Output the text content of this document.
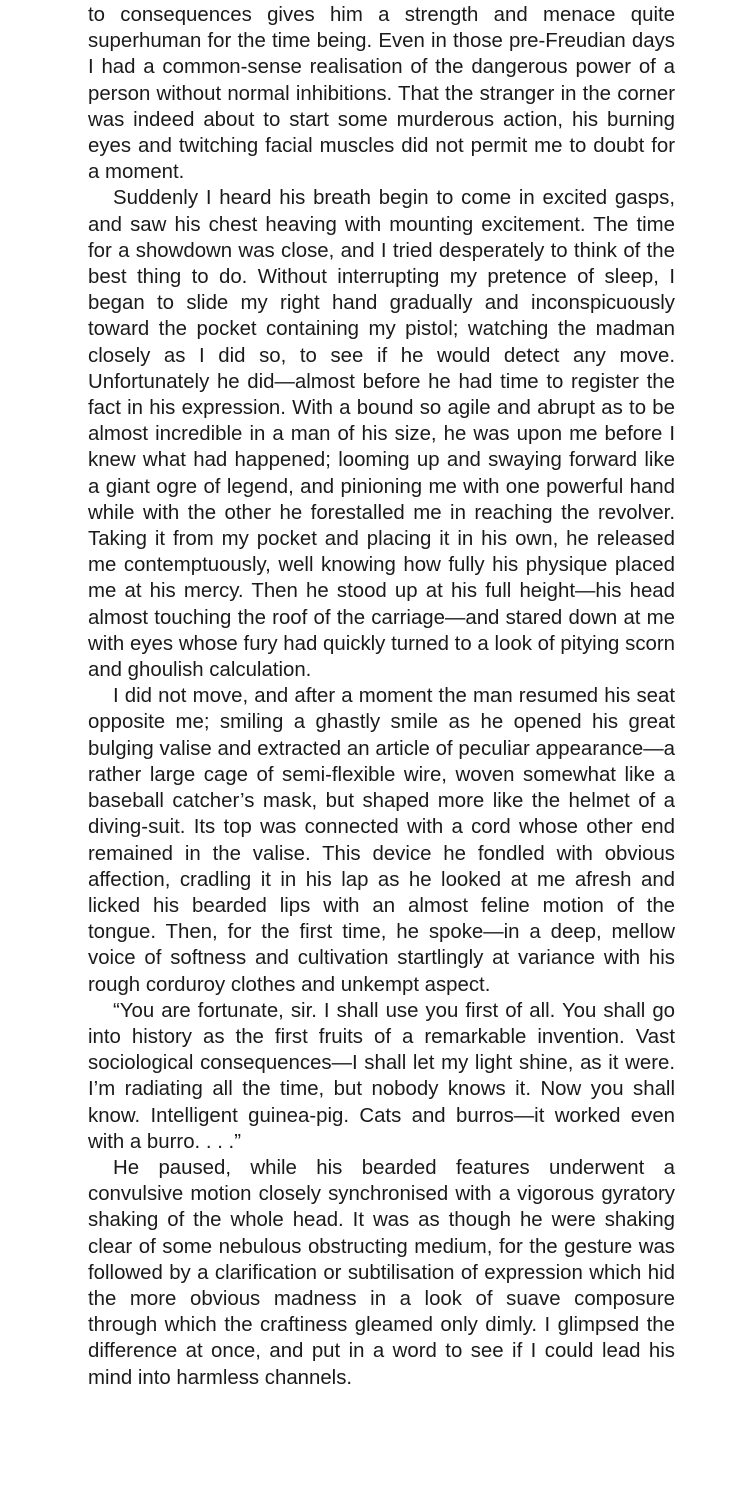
to consequences gives him a strength and menace quite superhuman for the time being. Even in those pre-Freudian days I had a common-sense realisation of the dangerous power of a person without normal inhibitions. That the stranger in the corner was indeed about to start some murderous action, his burning eyes and twitching facial muscles did not permit me to doubt for a moment.

Suddenly I heard his breath begin to come in excited gasps, and saw his chest heaving with mounting excitement. The time for a showdown was close, and I tried desperately to think of the best thing to do. Without interrupting my pretence of sleep, I began to slide my right hand gradually and inconspicuously toward the pocket containing my pistol; watching the madman closely as I did so, to see if he would detect any move. Unfortunately he did—almost before he had time to register the fact in his expression. With a bound so agile and abrupt as to be almost incredible in a man of his size, he was upon me before I knew what had happened; looming up and swaying forward like a giant ogre of legend, and pinioning me with one powerful hand while with the other he forestalled me in reaching the revolver. Taking it from my pocket and placing it in his own, he released me contemptuously, well knowing how fully his physique placed me at his mercy. Then he stood up at his full height—his head almost touching the roof of the carriage—and stared down at me with eyes whose fury had quickly turned to a look of pitying scorn and ghoulish calculation.

I did not move, and after a moment the man resumed his seat opposite me; smiling a ghastly smile as he opened his great bulging valise and extracted an article of peculiar appearance—a rather large cage of semi-flexible wire, woven somewhat like a baseball catcher’s mask, but shaped more like the helmet of a diving-suit. Its top was connected with a cord whose other end remained in the valise. This device he fondled with obvious affection, cradling it in his lap as he looked at me afresh and licked his bearded lips with an almost feline motion of the tongue. Then, for the first time, he spoke—in a deep, mellow voice of softness and cultivation startlingly at variance with his rough corduroy clothes and unkempt aspect.

“You are fortunate, sir. I shall use you first of all. You shall go into history as the first fruits of a remarkable invention. Vast sociological consequences—I shall let my light shine, as it were. I’m radiating all the time, but nobody knows it. Now you shall know. Intelligent guinea-pig. Cats and burros—it worked even with a burro. . . .”

He paused, while his bearded features underwent a convulsive motion closely synchronised with a vigorous gyratory shaking of the whole head. It was as though he were shaking clear of some nebulous obstructing medium, for the gesture was followed by a clarification or subtilisation of expression which hid the more obvious madness in a look of suave composure through which the craftiness gleamed only dimly. I glimpsed the difference at once, and put in a word to see if I could lead his mind into harmless channels.
